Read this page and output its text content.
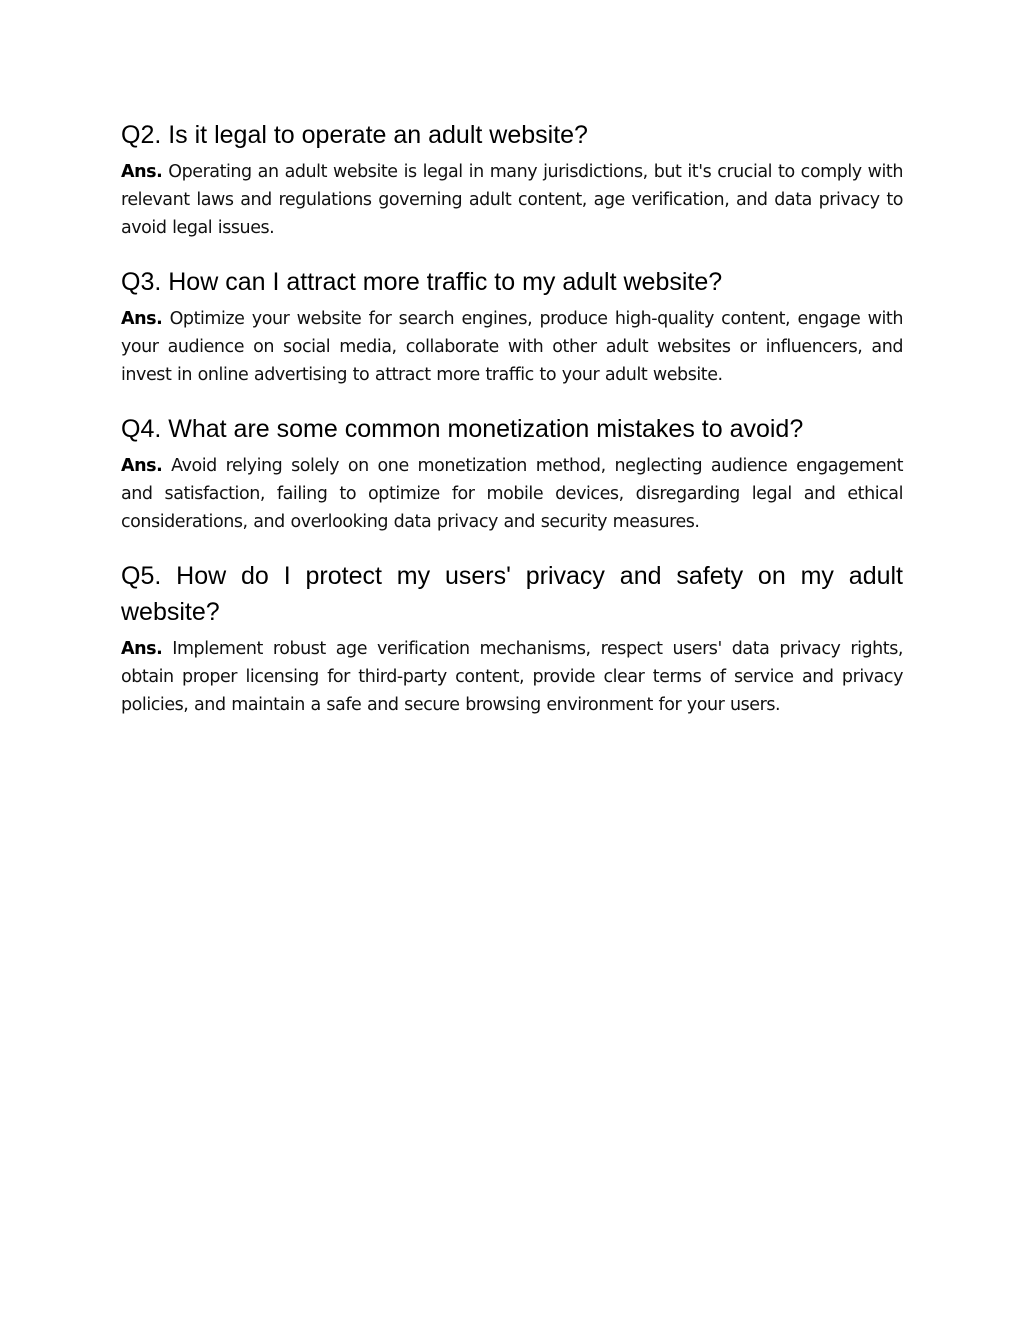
Q2. Is it legal to operate an adult website?

Ans. Operating an adult website is legal in many jurisdictions, but it's crucial to comply with relevant laws and regulations governing adult content, age verification, and data privacy to avoid legal issues.

Q3. How can I attract more traffic to my adult website?

Ans. Optimize your website for search engines, produce high-quality content, engage with your audience on social media, collaborate with other adult websites or influencers, and invest in online advertising to attract more traffic to your adult website.

Q4. What are some common monetization mistakes to avoid?

Ans. Avoid relying solely on one monetization method, neglecting audience engagement and satisfaction, failing to optimize for mobile devices, disregarding legal and ethical considerations, and overlooking data privacy and security measures.

Q5. How do I protect my users' privacy and safety on my adult website?

Ans. Implement robust age verification mechanisms, respect users' data privacy rights, obtain proper licensing for third-party content, provide clear terms of service and privacy policies, and maintain a safe and secure browsing environment for your users.
